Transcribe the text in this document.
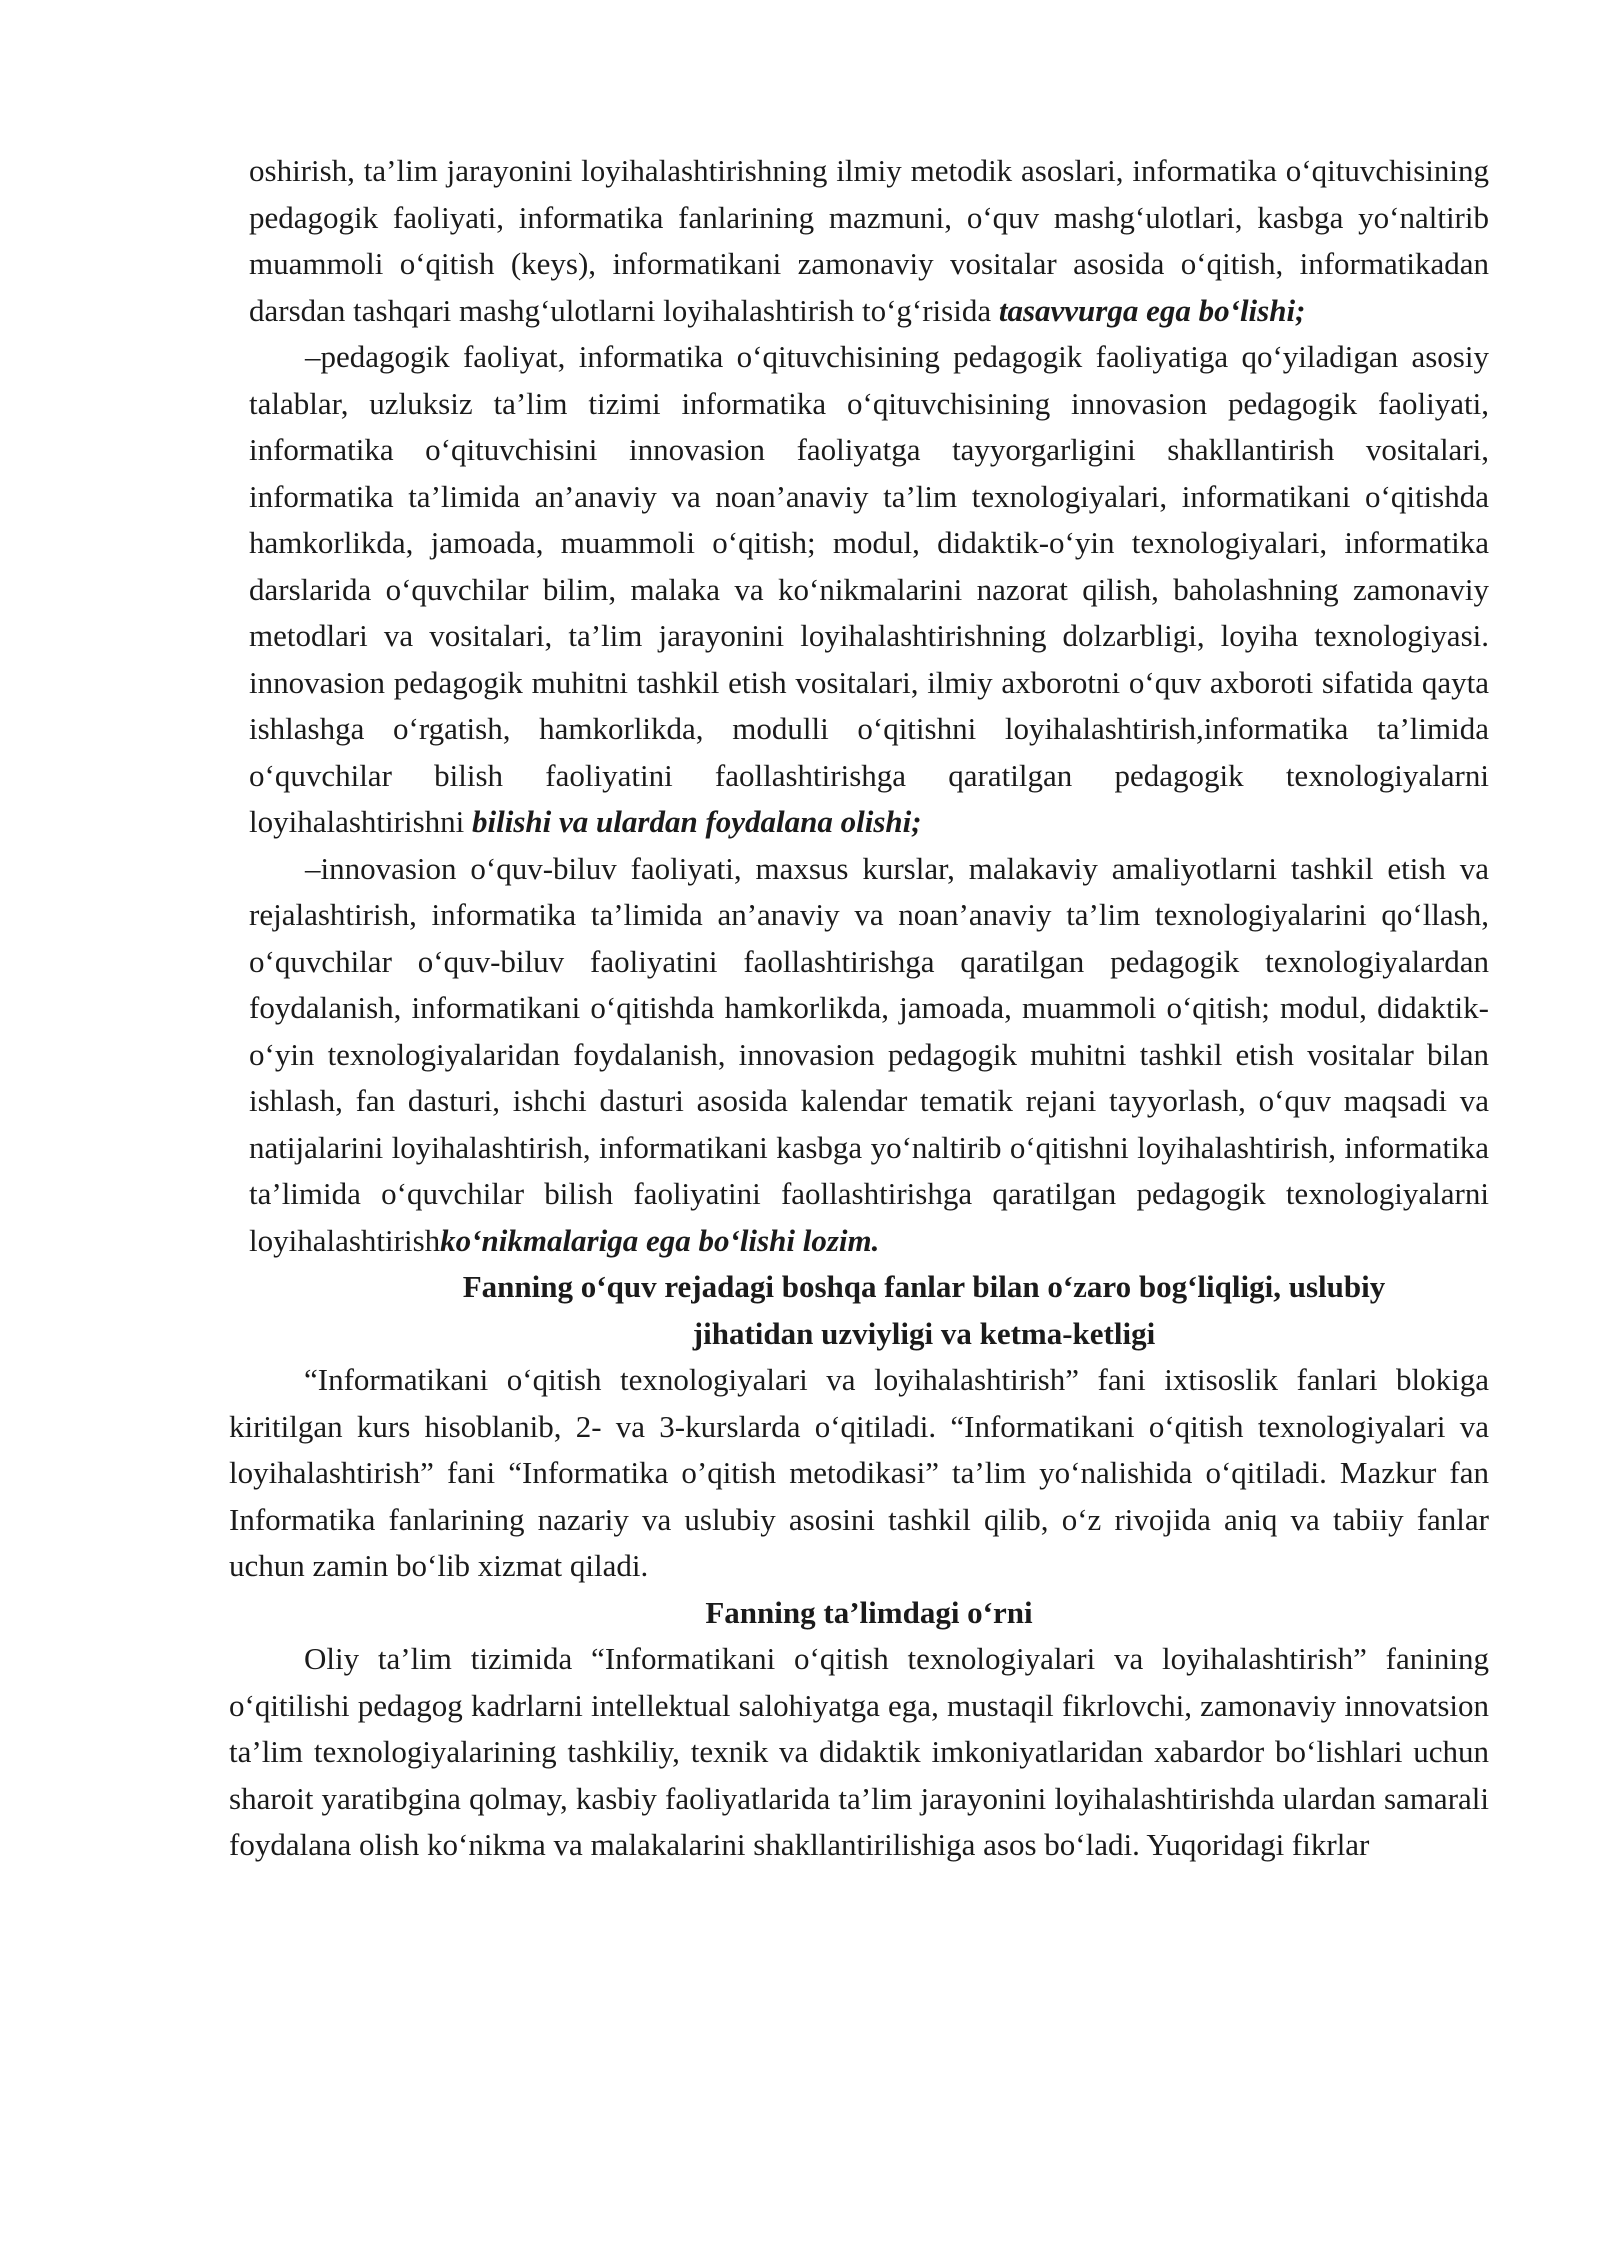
oshirish, ta’lim jarayonini loyihalashtirishning ilmiy metodik asoslari, informatika o‘qituvchisining pedagogik faoliyati, informatika fanlarining mazmuni, o‘quv mashg‘ulotlari, kasbga yo‘naltirib muammoli o‘qitish (keys), informatikani zamonaviy vositalar asosida o‘qitish, informatikadan darsdan tashqari mashg‘ulotlarni loyihalashtirish to‘g‘risida tasavvurga ega bo‘lishi;

–pedagogik faoliyat, informatika o‘qituvchisining pedagogik faoliyatiga qo‘yiladigan asosiy talablar, uzluksiz ta’lim tizimi informatika o‘qituvchisining innovasion pedagogik faoliyati, informatika o‘qituvchisini innovasion faoliyatga tayyorgarligini shakllantirish vositalari, informatika ta’limida an’anaviy va noan’anaviy ta’lim texnologiyalari, informatikani o‘qitishda hamkorlikda, jamoada, muammoli o‘qitish; modul, didaktik-o‘yin texnologiyalari, informatika darslarida o‘quvchilar bilim, malaka va ko‘nikmalarini nazorat qilish, baholashning zamonaviy metodlari va vositalari, ta’lim jarayonini loyihalashtirishning dolzarbligi, loyiha texnologiyasi. innovasion pedagogik muhitni tashkil etish vositalari, ilmiy axborotni o‘quv axboroti sifatida qayta ishlashga o‘rgatish, hamkorlikda, modulli o‘qitishni loyihalashtirish,informatika ta’limida o‘quvchilar bilish faoliyatini faollashtirishga qaratilgan pedagogik texnologiyalarni loyihalashtirishni bilishi va ulardan foydalana olishi;

–innovasion o‘quv-biluv faoliyati, maxsus kurslar, malakaviy amaliyotlarni tashkil etish va rejalashtirish, informatika ta’limida an’anaviy va noan’anaviy ta’lim texnologiyalarini qo‘llash, o‘quvchilar o‘quv-biluv faoliyatini faollashtirishga qaratilgan pedagogik texnologiyalardan foydalanish, informatikani o‘qitishda hamkorlikda, jamoada, muammoli o‘qitish; modul, didaktik-o‘yin texnologiyalaridan foydalanish, innovasion pedagogik muhitni tashkil etish vositalar bilan ishlash, fan dasturi, ishchi dasturi asosida kalendar tematik rejani tayyorlash, o‘quv maqsadi va natijalarini loyihalashtirish, informatikani kasbga yo‘naltirib o‘qitishni loyihalashtirish, informatika ta’limida o‘quvchilar bilish faoliyatini faollashtirishga qaratilgan pedagogik texnologiyalarni loyihalashtirishko‘nikmalariga ega bo‘lishi lozim.

Fanning o‘quv rejadagi boshqa fanlar bilan o‘zaro bog‘liqligi, uslubiy
jihatidan uzviyligi va ketma-ketligi

“Informatikani o‘qitish texnologiyalari va loyihalashtirish” fani ixtisoslik fanlari blokiga kiritilgan kurs hisoblanib, 2- va 3-kurslarda o‘qitiladi. “Informatikani o‘qitish texnologiyalari va loyihalashtirish” fani “Informatika o’qitish metodikasi” ta’lim yo‘nalishida o‘qitiladi. Mazkur fan Informatika fanlarining nazariy va uslubiy asosini tashkil qilib, o‘z rivojida aniq va tabiiy fanlar uchun zamin bo‘lib xizmat qiladi.

Fanning ta’limdagi o‘rni

Oliy ta’lim tizimida “Informatikani o‘qitish texnologiyalari va loyihalashtirish” fanining o‘qitilishi pedagog kadrlarni intellektual salohiyatga ega, mustaqil fikrlovchi, zamonaviy innovatsion ta’lim texnologiyalarining tashkiliy, texnik va didaktik imkoniyatlaridan xabardor bo‘lishlari uchun sharoit yaratibgina qolmay, kasbiy faoliyatlarida ta’lim jarayonini loyihalashtirishda ulardan samarali foydalana olish ko‘nikma va malakalarini shakllantirilishiga asos bo‘ladi. Yuqoridagi fikrlar
